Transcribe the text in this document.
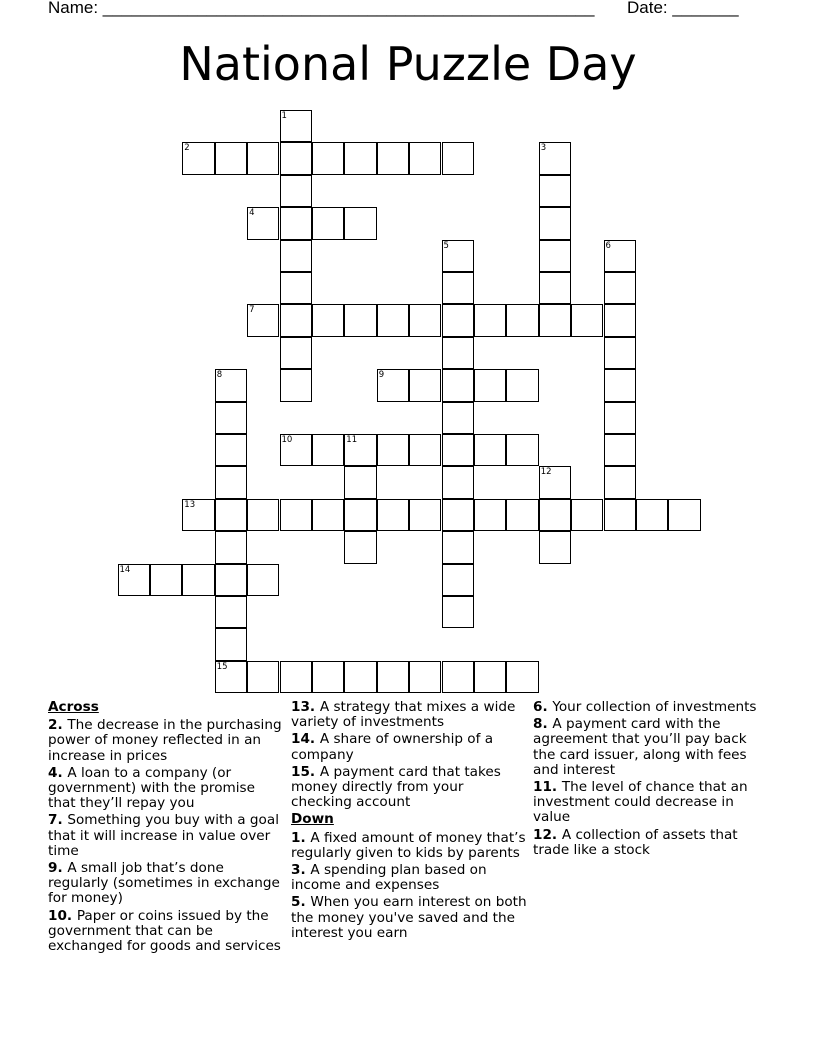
Name: ____________________________________________________ Date: _______
National Puzzle Day
2
4
7
9
10	11
13
14
15
1
3
5	6
8
12
Across
2. The decrease in the purchasing power of money reflected in an increase in prices
4. A loan to a company (or government) with the promise that they’ll repay you
7. Something you buy with a goal that it will increase in value over time
9. A small job that’s done regularly (sometimes in exchange for money)
10. Paper or coins issued by the government that can be exchanged for goods and services
13. A strategy that mixes a wide variety of investments
14. A share of ownership of a company
15. A payment card that takes money directly from your checking account
Down
1. A fixed amount of money that’s regularly given to kids by parents
3. A spending plan based on income and expenses
5. When you earn interest on both the money you've saved and the interest you earn
6. Your collection of investments
8. A payment card with the agreement that you’ll pay back the card issuer, along with fees and interest
11. The level of chance that an investment could decrease in value
12. A collection of assets that trade like a stock
